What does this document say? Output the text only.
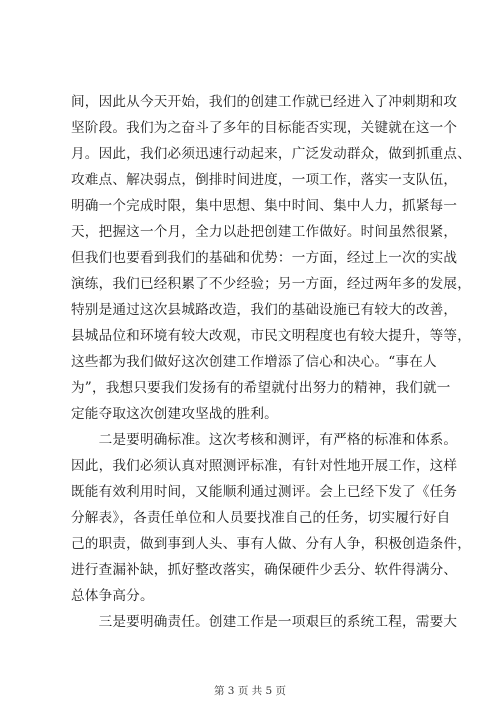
间，因此从今天开始，我们的创建工作就已经进入了冲刺期和攻
坚阶段。我们为之奋斗了多年的目标能否实现，关键就在这一个
月。因此，我们必须迅速行动起来，广泛发动群众，做到抓重点、
攻难点、解决弱点，倒排时间进度，一项工作，落实一支队伍，
明确一个完成时限，集中思想、集中时间、集中人力，抓紧每一
天，把握这一个月，全力以赴把创建工作做好。时间虽然很紧，
但我们也要看到我们的基础和优势：一方面，经过上一次的实战
演练，我们已经积累了不少经验；另一方面，经过两年多的发展，
特别是通过这次县城路改造，我们的基础设施已有较大的改善，
县城品位和环境有较大改观，市民文明程度也有较大提升，等等，
这些都为我们做好这次创建工作增添了信心和决心。“事在人
为”，我想只要我们发扬有的希望就付出努力的精神，我们就一
定能夺取这次创建攻坚战的胜利。
　　二是要明确标准。这次考核和测评，有严格的标准和体系。
因此，我们必须认真对照测评标准，有针对性地开展工作，这样
既能有效利用时间，又能顺利通过测评。会上已经下发了《任务
分解表》，各责任单位和人员要找准自己的任务，切实履行好自
己的职责，做到事到人头、事有人做、分有人争，积极创造条件，
进行查漏补缺，抓好整改落实，确保硬件少丢分、软件得满分、
总体争高分。
　　三是要明确责任。创建工作是一项艰巨的系统工程，需要大
第 3 页 共 5 页
